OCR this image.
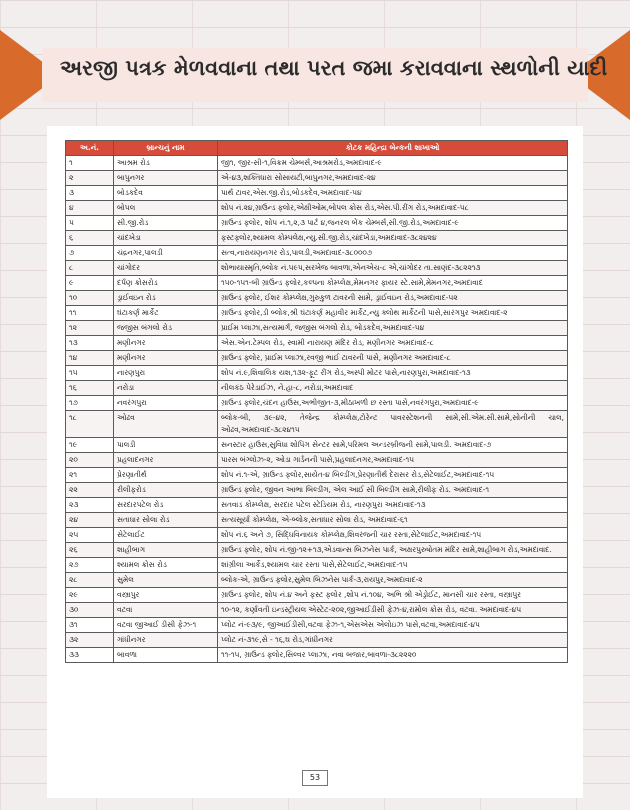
અરજી પત્રક મેળવવાના તથા પરત જમા કરાવવાના સ્થળોની યાદી
અ.નં.	બ્રાન્ચનું નામ	કોટક મહિન્દ્રા બેન્કની શાખાઓ
૧	આશ્રમ રોડ	જી૧, જીર-સી-૧,વિક્રમ ચેમ્બર્સ,આશ્રમરોડ,અમદાવાદ-૯
૨	બાપુનગર	એ-૪૩,શક્તિધારા સોસાયટી,બાપુનગર,અમદાવાદ-૨૪
૩	બોડકદેવ	પાર્થ ટાવર,એસ.જી.રોડ,બોડકદેવ,અમદાવાદ-૫૪
૪	બોપલ	શોપ નં.૨૪,ગ્રાઉન્ડ ફ્લોર,એક્ષીઓમ,બોપલ ક્રોસ રોડ,એસ.પી.રીંગ રોડ,અમદાવાદ-૫૮
૫	સી.જી.રોડ	ગ્રાઉન્ડ ફ્લોર, શોપ નં.૧,૨,૩ પાર્ટ ૪,જનરલ બેંક ચેમ્બર્સ,સી.જી.રોડ,અમદાવાદ-૯
૬	ચાંદખેડા	ફસ્ટફ્લોર,શ્યામલ કોમ્પલેક્ષ,ન્યુ.સી.જી.રોડ,ચાંદખેડા,અમદાવાદ-૩૮૨૪૨૪
૭	ચંદ્રનગર,પાલડી	સત્વ,નારાયણનગર રોડ,પાલડી,અમદાવાદ-૩૮૦૦૦૭
૮	ચાંગોદર	શોભાયાસ્મૃતિ,બ્લોક નં.૫૯૫,સરખેજ બાવળા,એનએચ-૮ એ,ચાંગોદર તા.સાણંદ-૩૮૨૨૧૩
૯	દર્પણ ક્રોસરોડ	૧૫૦-૧૫૧-બી ગ્રાઉન્ડ ફ્લોર,કલ્પના કોમ્પ્લેક્ષ,મેમનગર ફાયર સ્ટે.સામે,મેમનગર,અમદાવાદ
૧૦	ડ્રાઈવઇન રોડ	ગ્રાઉન્ડ ફ્લોર, ઈશર કોમ્પ્લેક્ષ,ગુરુકુળ ટાવરની સામે, ડ્રાઈવઇન રોડ,અમદાવાદ-૫૨
૧૧	ઘંટાકર્ણ માર્કેટ	ગ્રાઉન્ડ ફ્લોર,ડી બ્લોક,શ્રી ઘંટાકર્ણ મહાવીર માર્કેટ,ન્યુ ક્લોથ માર્કેટની પાસે,સારંગપુર અમદાવાદ-૨
૧૨	જજીસ બંગલો રોડ	પ્રાઈમ પ્લાઝા,સત્યમાર્ગ, જજીસ બંગલો રોડ, બોડકદેવ,અમદાવાદ-૫૪
૧૩	મણીનગર	એસ.એન.ટેમ્પલ રોડ, સ્વામી નારાયણ મંદિર રોડ, મણીનગર અમદાવાદ-૮
૧૪	મણીનગર	ગ્રાઉન્ડ ફ્લોર, પ્રાઈમ પ્લાઝા,રવજી ભાઈ ટાવરની પાસે, મણીનગર અમદાવાદ-૮
૧૫	નારણપુરા	શોપ નં.૯,શિવાલિક યશ,૧૩૨-ફૂટ રીંગ રોડ,અસ્પી મોટર પાસે,નારણપુરા,અમદાવાદ-૧૩
૧૬	નરોડા	નીલકંઠ પેરેડાઈઝ, ને.હા-૮, નરોડા,અમદાવાદ
૧૭	નવરંગપુરા	ગ્રાઉન્ડ ફ્લોર,ચંદન હાઉસ,અભીજીત-૩,મીઠાખળી છ રસ્તા પાસે,નવરંગપુરા,અમદાવાદ-૯
૧૮	ઓઢવ	બ્લોક-બી, ૩૯-૪૨, તેજેન્દ્ર કોમ્પ્લેક્ષ,ટોરેન્ટ પાવરસ્ટેશનની સામે,સી.એમ.સી.સામે,સોનીની ચાલ, ઓઢવ,અમદાવાદ-૩૮૨૪૧૫
૧૯	પાલડી	સનસ્ટાર હાઉસ,સુવિધા શોપિંગ સેન્ટર સામે,પરિમલ અન્ડરબ્રીજની સામે,પાલડી. અમદાવાદ-૭
૨૦	પ્રહલાદનગર	પારસ બંગ્લોઝ-૨, ઓડા ગાર્ડનની પાસે,પ્રહલાદનગર,અમદાવાદ-૧૫
૨૧	પ્રેરણાતીર્થ	શોપ નં.૧-એ, ગ્રાઉન્ડ ફ્લોર,સાયેત-૪ બિલ્ડીંગ,પ્રેરણાતીર્થ દેરાસર રોડ,સેટેલાઈટ,અમદાવાદ-૧૫
૨૨	રીલીફરોડ	ગ્રાઉન્ડ ફ્લોર, જીવન આભા બિલ્ડીંગ, એલ આઈ સી બિલ્ડીંગ સામે,રીલીફ રોડ. અમદાવાદ-૧
૨૩	સરદારપટેલ રોડ	સતવાડ કોમ્પ્લેક્ષ, સરદાર પટેલ સ્ટેડિયમ રોડ, નારણપુરા અમદાવાદ-૧૩
૨૪	સતાધાર સોલા રોડ	સત્યસૂર્યા કોમ્પ્લેક્ષ, એ-બ્લોક,સતાધાર સોલા રોડ, અમદાવાદ-૬૧
૨૫	સેટેલાઈટ	શોપ નં.૬ અને ૭, સિદ્ધિવિનાયક કોમ્પ્લેક્ષ,શિવરંજની ચાર રસ્તા,સેટેલાઈટ,અમદાવાદ-૧૫
૨૬	શાહીબાગ	ગ્રાઉન્ડ ફ્લોર, શોપ નં.જી-૧૨+૧૩,એડવાન્સ બિઝનેસ પાર્ક, અક્ષરપુરુષોતમ મંદિર સામે,શાહીબાગ રોડ,અમદાવાદ.
૨૭	શ્યામલ ક્રોસ રોડ	શાંગ્રીલા આર્કેડ,શ્યામલ ચાર રસ્તા પાસે,સેટેલાઈટ,અમદાવાદ-૧૫
૨૮	સુમેલ	બ્લોક-એ, ગ્રાઉન્ડ ફ્લોર,સુમેલ બિઝનેસ પાર્ક-૩,રાયપુર,અમદાવાદ-૨
૨૯	વસ્ત્રાપુર	ગ્રાઉન્ડ ફ્લોર, શોપ નં.૪ અને ફસ્ટ ફ્લોર ,શોપ નં.૧૦૪, અભિ શ્રી એડ્રોઈટ, માનસી ચાર રસ્તા, વસ્ત્રાપુર
૩૦	વટવા	૧૦-૧૨, કર્ણાવતી ઇન્ડસ્ટ્રીયલ એસ્ટેટ-૨૦૨,જીઆઈડીસી ફેઝ-૪,રામોલ ક્રોસ રોડ, વટવા. અમદાવાદ-૪૫
૩૧	વટવા જીઆઈ ડીસી ફેઝ-૧	પ્લોટ નં-૯૩/૯, જીઆઈડીસી,વટવા ફેઝ-૧,એસએસ એલોઇઝ પાસે,વટવા,અમદાવાદ-૪૫
૩૨	ગાંધીનગર	પ્લોટ નં-૩૧૯,સે - ૧૬,ઘ રોડ,ગાંધીનગર
૩૩	બાવળા	૧૧-૧૫, ગ્રાઉન્ડ ફ્લોર,સિલ્વર પ્લાઝા, નવા બજાર,બાવળા-૩૮૨૨૨૦
53
